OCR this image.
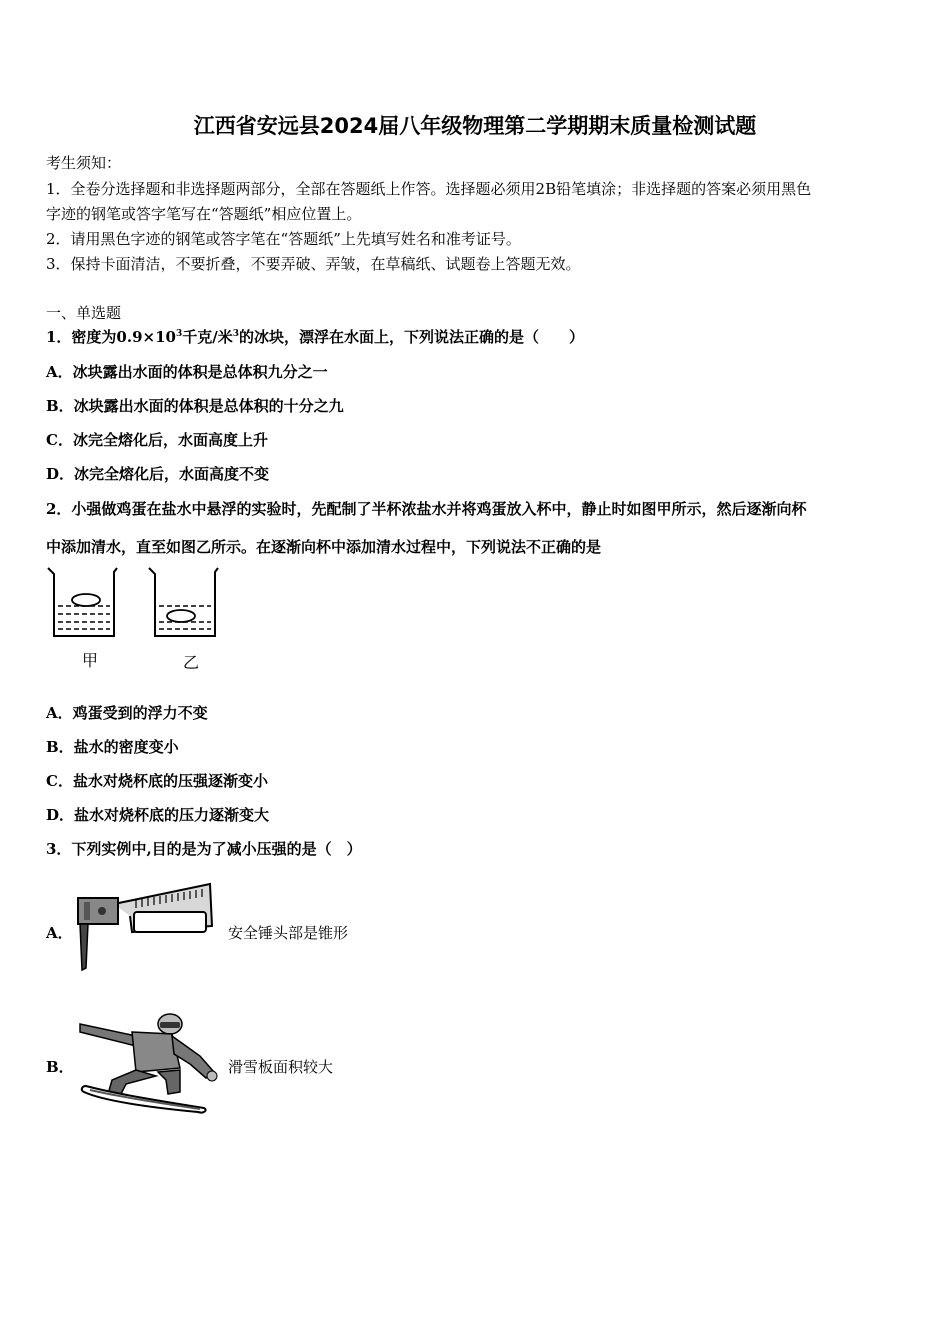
江西省安远县2024届八年级物理第二学期期末质量检测试题
考生须知：
1．全卷分选择题和非选择题两部分，全部在答题纸上作答。选择题必须用2B铅笔填涂；非选择题的答案必须用黑色
字迹的钢笔或答字笔写在“答题纸”相应位置上。
2．请用黑色字迹的钢笔或答字笔在“答题纸”上先填写姓名和准考证号。
3．保持卡面清洁，不要折叠，不要弄破、弄皱，在草稿纸、试题卷上答题无效。
一、单选题
1．密度为$0.9\times 10^3$千克/米$^3$的冰块，漂浮在水面上，下列说法正确的是（　　）
A．冰块露出水面的体积是总体积九分之一
B．冰块露出水面的体积是总体积的十分之九
C．冰完全熔化后，水面高度上升
D．冰完全熔化后，水面高度不变
2．小强做鸡蛋在盐水中悬浮的实验时，先配制了半杯浓盐水并将鸡蛋放入杯中，静止时如图甲所示，然后逐渐向杯
中添加清水，直至如图乙所示。在逐渐向杯中添加清水过程中，下列说法不正确的是
甲	乙
A．鸡蛋受到的浮力不变
B．盐水的密度变小
C．盐水对烧杯底的压强逐渐变小
D．盐水对烧杯底的压力逐渐变大
3．下列实例中,目的是为了减小压强的是（　）
A．	安全锤头部是锥形
B．	滑雪板面积较大
